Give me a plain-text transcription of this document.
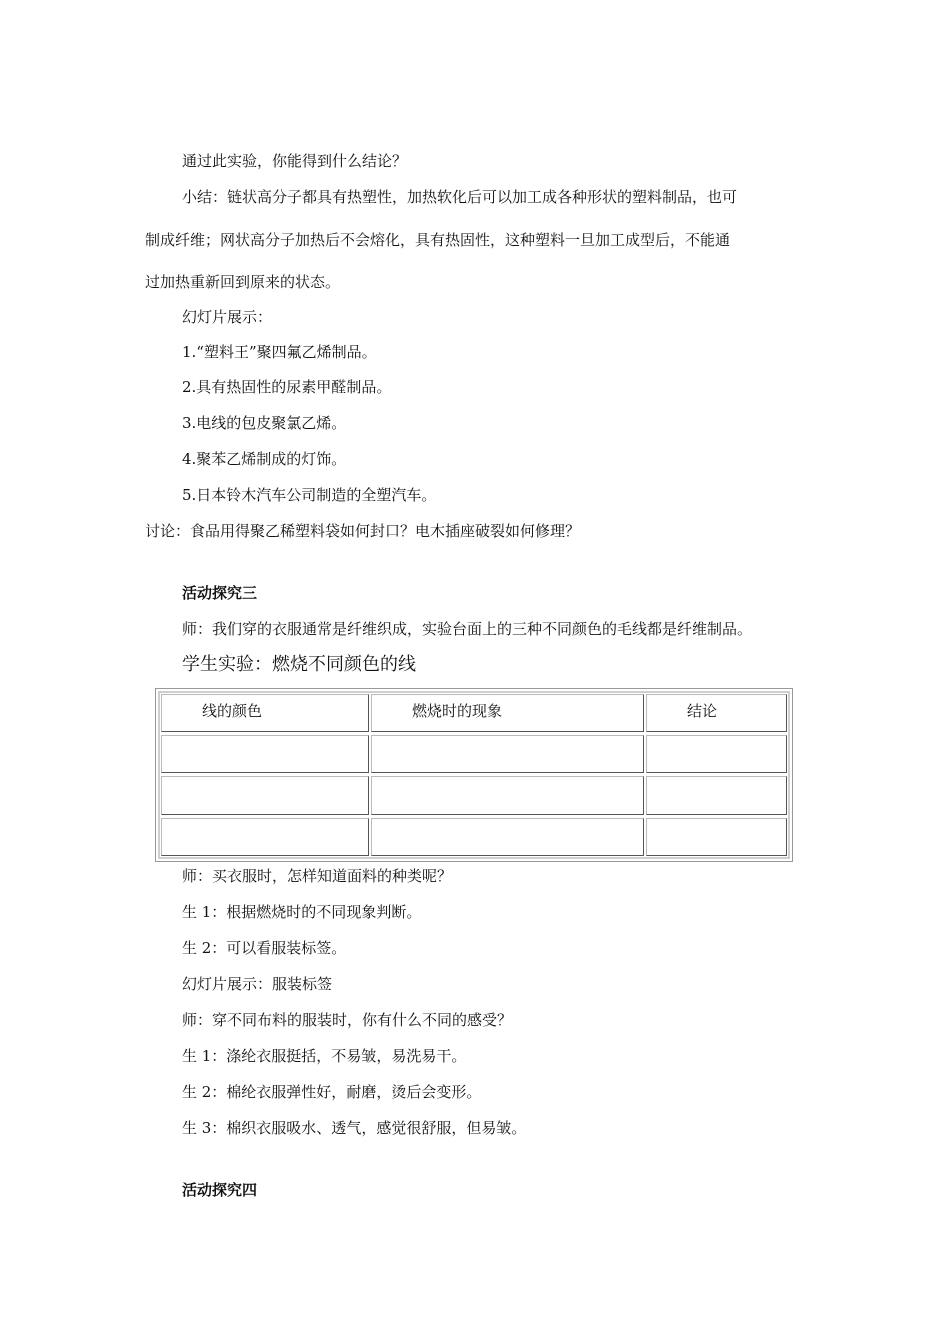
通过此实验，你能得到什么结论？
小结：链状高分子都具有热塑性，加热软化后可以加工成各种形状的塑料制品，也可
制成纤维；网状高分子加热后不会熔化，具有热固性，这种塑料一旦加工成型后，不能通
过加热重新回到原来的状态。
幻灯片展示：
1.“塑料王”聚四氟乙烯制品。
2.具有热固性的尿素甲醛制品。
3.电线的包皮聚氯乙烯。
4.聚苯乙烯制成的灯饰。
5.日本铃木汽车公司制造的全塑汽车。
讨论：食品用得聚乙稀塑料袋如何封口？电木插座破裂如何修理？
活动探究三
师：我们穿的衣服通常是纤维织成，实验台面上的三种不同颜色的毛线都是纤维制品。
学生实验：燃烧不同颜色的线
线的颜色	燃烧时的现象	结论
师：买衣服时，怎样知道面料的种类呢？
生 1：根据燃烧时的不同现象判断。
生 2：可以看服装标签。
幻灯片展示：服装标签
师：穿不同布料的服装时，你有什么不同的感受？
生 1：涤纶衣服挺括，不易皱，易洗易干。
生 2：棉纶衣服弹性好，耐磨，烫后会变形。
生 3：棉织衣服吸水、透气，感觉很舒服，但易皱。
活动探究四
